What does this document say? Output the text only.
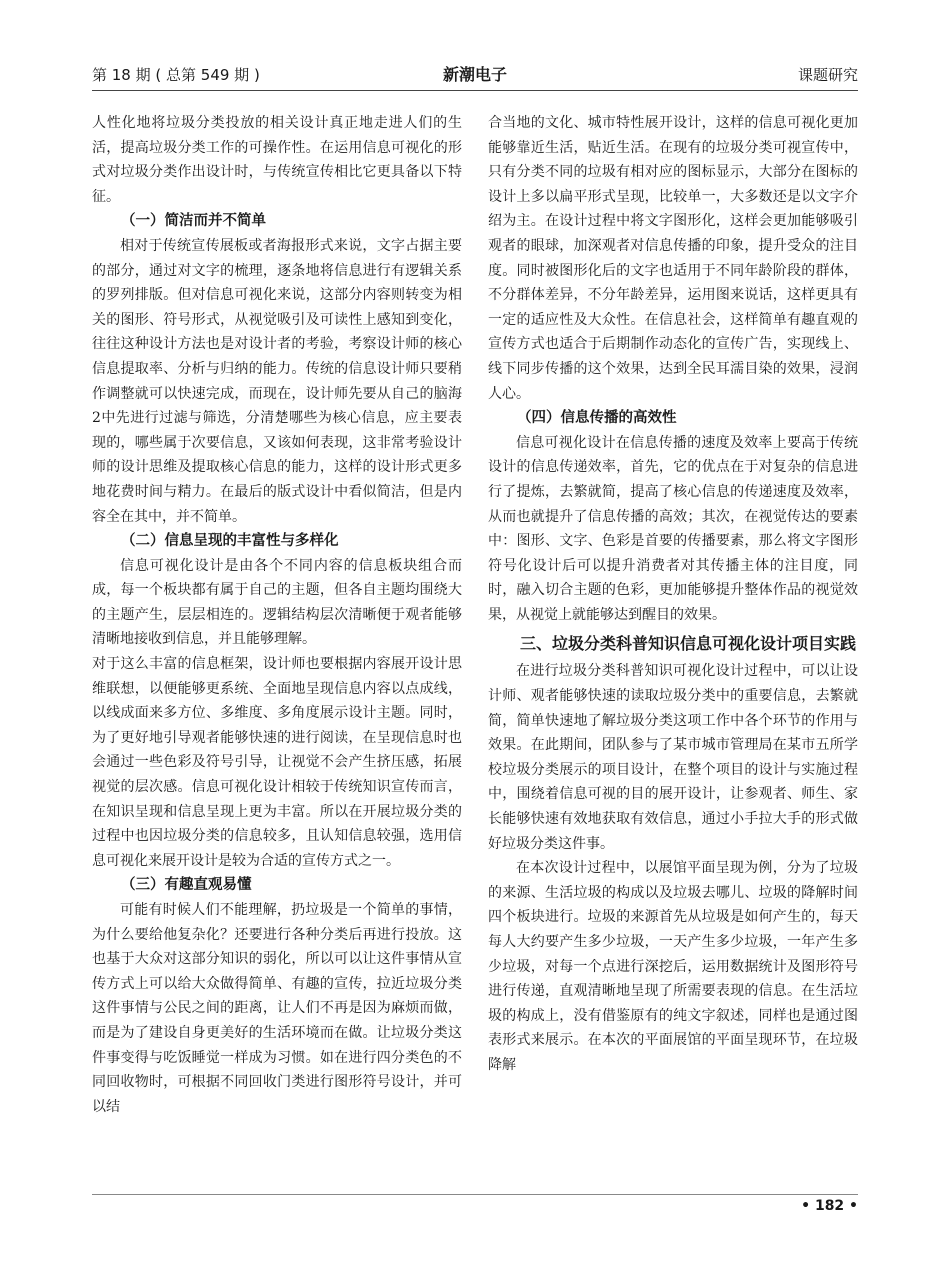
第 18 期 ( 总第 549 期 )	新潮电子	课题研究

人性化地将垃圾分类投放的相关设计真正地走进人们的生活，提高垃圾分类工作的可操作性。在运用信息可视化的形式对垃圾分类作出设计时，与传统宣传相比它更具备以下特征。

（一）简洁而并不简单

相对于传统宣传展板或者海报形式来说，文字占据主要的部分，通过对文字的梳理，逐条地将信息进行有逻辑关系的罗列排版。但对信息可视化来说，这部分内容则转变为相关的图形、符号形式，从视觉吸引及可读性上感知到变化，往往这种设计方法也是对设计者的考验，考察设计师的核心信息提取率、分析与归纳的能力。传统的信息设计师只要稍作调整就可以快速完成，而现在，设计师先要从自己的脑海2中先进行过滤与筛选，分清楚哪些为核心信息，应主要表现的，哪些属于次要信息，又该如何表现，这非常考验设计师的设计思维及提取核心信息的能力，这样的设计形式更多地花费时间与精力。在最后的版式设计中看似简洁，但是内容全在其中，并不简单。

（二）信息呈现的丰富性与多样化

信息可视化设计是由各个不同内容的信息板块组合而成，每一个板块都有属于自己的主题，但各自主题均围绕大的主题产生，层层相连的。逻辑结构层次清晰便于观者能够清晰地接收到信息，并且能够理解。

对于这么丰富的信息框架，设计师也要根据内容展开设计思维联想，以便能够更系统、全面地呈现信息内容以点成线，以线成面来多方位、多维度、多角度展示设计主题。同时，为了更好地引导观者能够快速的进行阅读，在呈现信息时也会通过一些色彩及符号引导，让视觉不会产生挤压感，拓展视觉的层次感。信息可视化设计相较于传统知识宣传而言，在知识呈现和信息呈现上更为丰富。所以在开展垃圾分类的过程中也因垃圾分类的信息较多，且认知信息较强，选用信息可视化来展开设计是较为合适的宣传方式之一。

（三）有趣直观易懂

可能有时候人们不能理解，扔垃圾是一个简单的事情，为什么要给他复杂化？还要进行各种分类后再进行投放。这也基于大众对这部分知识的弱化，所以可以让这件事情从宣传方式上可以给大众做得简单、有趣的宣传，拉近垃圾分类这件事情与公民之间的距离，让人们不再是因为麻烦而做，而是为了建设自身更美好的生活环境而在做。让垃圾分类这件事变得与吃饭睡觉一样成为习惯。如在进行四分类色的不同回收物时，可根据不同回收门类进行图形符号设计，并可以结

合当地的文化、城市特性展开设计，这样的信息可视化更加能够靠近生活，贴近生活。在现有的垃圾分类可视宣传中，只有分类不同的垃圾有相对应的图标显示，大部分在图标的设计上多以扁平形式呈现，比较单一，大多数还是以文字介绍为主。在设计过程中将文字图形化，这样会更加能够吸引观者的眼球，加深观者对信息传播的印象，提升受众的注目度。同时被图形化后的文字也适用于不同年龄阶段的群体，不分群体差异，不分年龄差异，运用图来说话，这样更具有一定的适应性及大众性。在信息社会，这样简单有趣直观的宣传方式也适合于后期制作动态化的宣传广告，实现线上、线下同步传播的这个效果，达到全民耳濡目染的效果，浸润人心。

（四）信息传播的高效性

信息可视化设计在信息传播的速度及效率上要高于传统设计的信息传递效率，首先，它的优点在于对复杂的信息进行了提炼，去繁就简，提高了核心信息的传递速度及效率，从而也就提升了信息传播的高效；其次，在视觉传达的要素中：图形、文字、色彩是首要的传播要素，那么将文字图形符号化设计后可以提升消费者对其传播主体的注目度，同时，融入切合主题的色彩，更加能够提升整体作品的视觉效果，从视觉上就能够达到醒目的效果。

三、垃圾分类科普知识信息可视化设计项目实践

在进行垃圾分类科普知识可视化设计过程中，可以让设计师、观者能够快速的读取垃圾分类中的重要信息，去繁就简，简单快速地了解垃圾分类这项工作中各个环节的作用与效果。在此期间，团队参与了某市城市管理局在某市五所学校垃圾分类展示的项目设计，在整个项目的设计与实施过程中，围绕着信息可视的目的展开设计，让参观者、师生、家长能够快速有效地获取有效信息，通过小手拉大手的形式做好垃圾分类这件事。

在本次设计过程中，以展馆平面呈现为例，分为了垃圾的来源、生活垃圾的构成以及垃圾去哪儿、垃圾的降解时间四个板块进行。垃圾的来源首先从垃圾是如何产生的，每天每人大约要产生多少垃圾，一天产生多少垃圾，一年产生多少垃圾，对每一个点进行深挖后，运用数据统计及图形符号进行传递，直观清晰地呈现了所需要表现的信息。在生活垃圾的构成上，没有借鉴原有的纯文字叙述，同样也是通过图表形式来展示。在本次的平面展馆的平面呈现环节，在垃圾降解

• 182 •
